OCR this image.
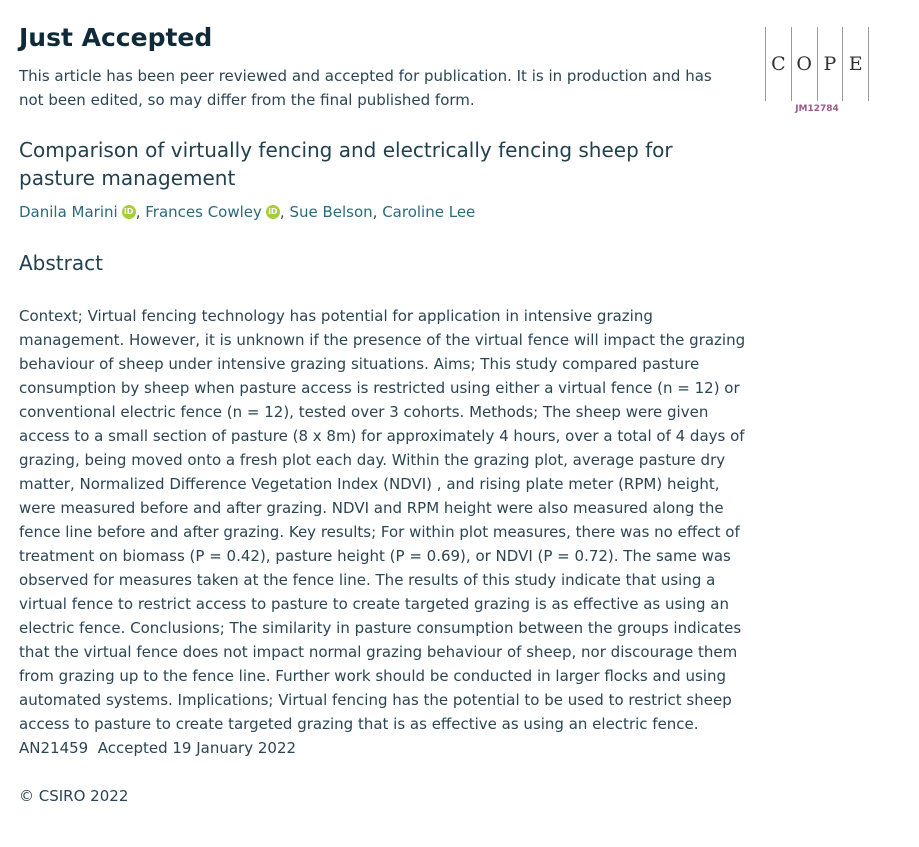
Just Accepted
This article has been peer reviewed and accepted for publication. It is in production and has not been edited, so may differ from the final published form.
Comparison of virtually fencing and electrically fencing sheep for pasture management
Danila Marini iD , Frances Cowley iD , Sue Belson, Caroline Lee
Abstract
Context; Virtual fencing technology has potential for application in intensive grazing management. However, it is unknown if the presence of the virtual fence will impact the grazing behaviour of sheep under intensive grazing situations. Aims; This study compared pasture consumption by sheep when pasture access is restricted using either a virtual fence (n = 12) or conventional electric fence (n = 12), tested over 3 cohorts. Methods; The sheep were given access to a small section of pasture (8 x 8m) for approximately 4 hours, over a total of 4 days of grazing, being moved onto a fresh plot each day. Within the grazing plot, average pasture dry matter, Normalized Difference Vegetation Index (NDVI) , and rising plate meter (RPM) height, were measured before and after grazing. NDVI and RPM height were also measured along the fence line before and after grazing. Key results; For within plot measures, there was no effect of treatment on biomass (P = 0.42), pasture height (P = 0.69), or NDVI (P = 0.72). The same was observed for measures taken at the fence line. The results of this study indicate that using a virtual fence to restrict access to pasture to create targeted grazing is as effective as using an electric fence. Conclusions; The similarity in pasture consumption between the groups indicates that the virtual fence does not impact normal grazing behaviour of sheep, nor discourage them from grazing up to the fence line. Further work should be conducted in larger flocks and using automated systems. Implications; Virtual fencing has the potential to be used to restrict sheep access to pasture to create targeted grazing that is as effective as using an electric fence.
AN21459  Accepted 19 January 2022
© CSIRO 2022
C O P E
JM12784
